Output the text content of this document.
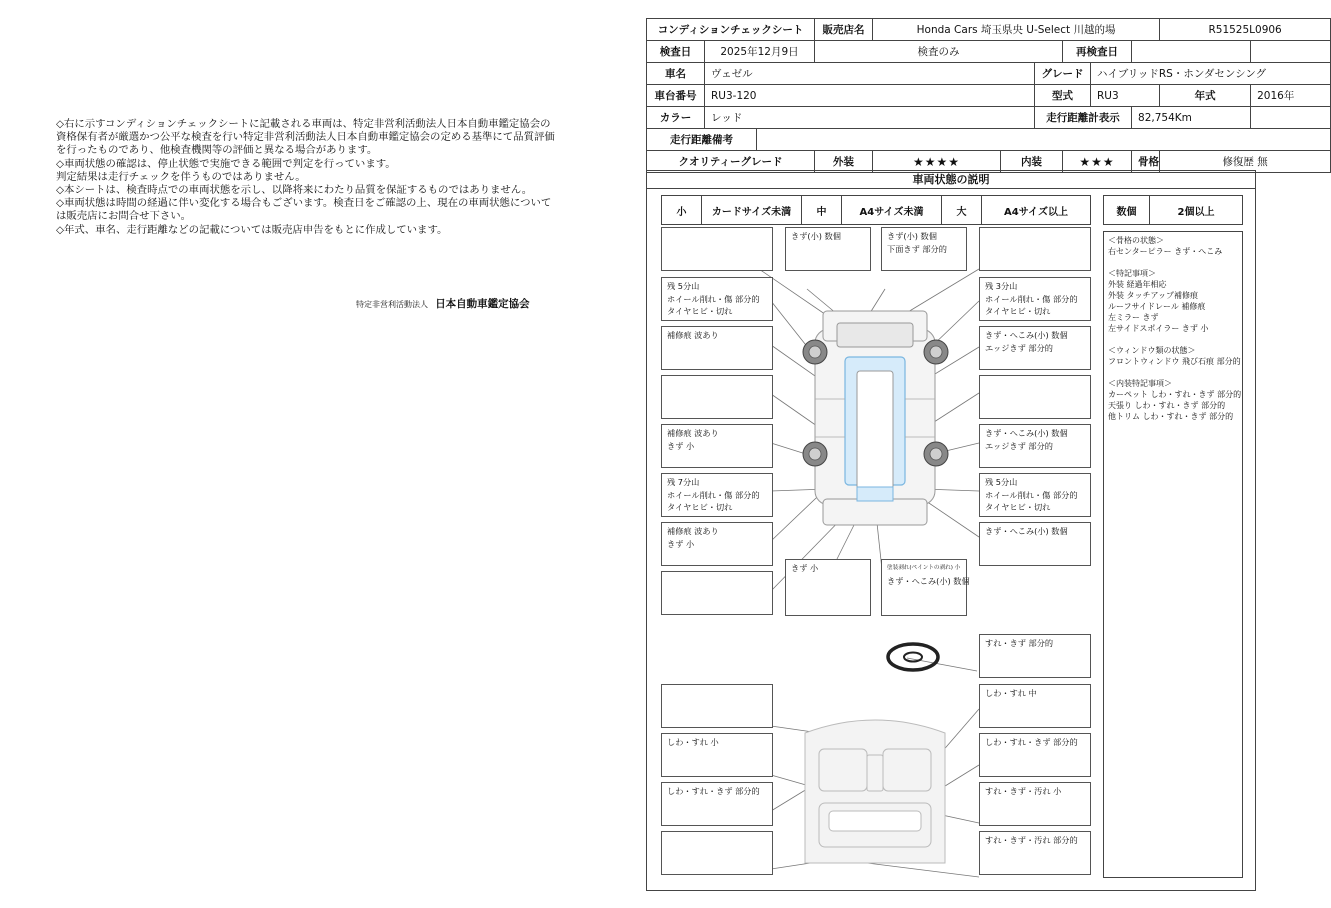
◇右に示すコンディションチェックシートに記載される車両は、特定非営利活動法人日本自動車鑑定協会の資格保有者が厳選かつ公平な検査を行い特定非営利活動法人日本自動車鑑定協会の定める基準にて品質評価を行ったものであり、他検査機関等の評価と異なる場合があります。
◇車両状態の確認は、停止状態で実施できる範囲で判定を行っています。
判定結果は走行チェックを伴うものではありません。
◇本シートは、検査時点での車両状態を示し、以降将来にわたり品質を保証するものではありません。
◇車両状態は時間の経過に伴い変化する場合もございます。検査日をご確認の上、現在の車両状態については販売店にお問合せ下さい。
◇年式、車名、走行距離などの記載については販売店申告をもとに作成しています。
特定非営利活動法人 日本自動車鑑定協会
コンディションチェックシート			販売店名	Honda Cars 埼玉県央 U-Select 川越的場						R51525L0906	
検査日	2025年12月9日		検査のみ				再検査日				
車名	ヴェゼル					グレード		ハイブリッドRS・ホンダセンシング			
車台番号	RU3-120					型式		RU3		年式	2016年
カラー	レッド					走行距離計表示			82,754Km		
走行距離備考											
クオリティーグレード			外装	★★★★	内装		★★★		骨格	修復歴 無	
車両状態の説明
小	カードサイズ未満	中	A4サイズ未満	大	A4サイズ以上	数個	2個以上
きず(小) 数個	きず(小) 数個
下面きず 部分的
残 5分山
ホイール削れ・傷 部分的
タイヤヒビ・切れ
残 3分山
ホイール削れ・傷 部分的
タイヤヒビ・切れ
補修痕 波あり	きず・へこみ(小) 数個
エッジきず 部分的
補修痕 波あり
きず 小
きず・へこみ(小) 数個
エッジきず 部分的
残 7分山
ホイール削れ・傷 部分的
タイヤヒビ・切れ
残 5分山
ホイール削れ・傷 部分的
タイヤヒビ・切れ
補修痕 波あり
きず 小
きず・へこみ(小) 数個
きず 小	塗装剥れ(ペイントの剥れ) 小
きず・へこみ(小) 数個
すれ・きず 部分的
しわ・すれ 中
しわ・すれ 小	しわ・すれ・きず 部分的
しわ・すれ・きず 部分的	すれ・きず・汚れ 小
すれ・きず・汚れ 部分的
＜骨格の状態＞
右センターピラー きず・へこみ
＜特記事項＞
外装 経過年相応
外装 タッチアップ補修痕
ルーフサイドレール 補修痕
左ミラー きず
左サイドスポイラー きず 小
＜ウィンドウ類の状態＞
フロントウィンドウ 飛び石痕 部分的
＜内装特記事項＞
カーペット しわ・すれ・きず 部分的
天張り しわ・すれ・きず 部分的
他トリム しわ・すれ・きず 部分的
